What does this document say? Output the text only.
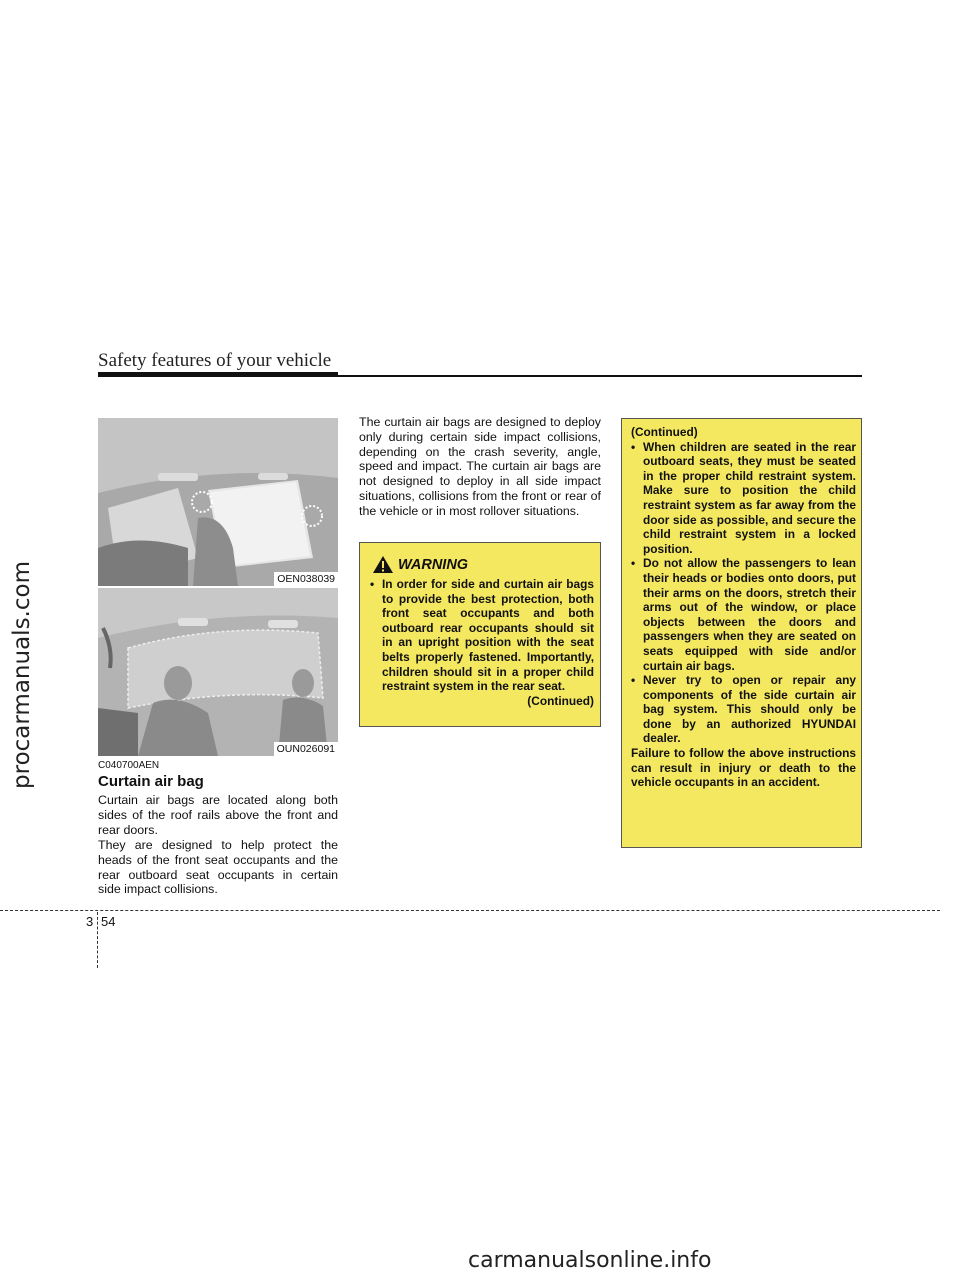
procarmanuals.com
Safety features of your vehicle
OEN038039
OUN026091
C040700AEN
Curtain air bag
Curtain air bags are located along both sides of the roof rails above the front and rear doors.
They are designed to help protect the heads of the front seat occupants and the rear outboard seat occupants in certain side impact collisions.
The curtain air bags are designed to deploy only during certain side impact collisions, depending on the crash severity, angle, speed and impact. The curtain air bags are not designed to deploy in all side impact situations, collisions from the front or rear of the vehicle or in most rollover situations.
WARNING
• In order for side and curtain air bags to provide the best protection, both front seat occupants and both outboard rear occupants should sit in an upright position with the seat belts properly fastened. Importantly, children should sit in a proper child restraint system in the rear seat.
(Continued)
(Continued)
• When children are seated in the rear outboard seats, they must be seated in the proper child restraint system. Make sure to position the child restraint system as far away from the door side as possible, and secure the child restraint system in a locked position.
• Do not allow the passengers to lean their heads or bodies onto doors, put their arms on the doors, stretch their arms out of the window, or place objects between the doors and passengers when they are seated on seats equipped with side and/or curtain air bags.
• Never try to open or repair any components of the side curtain air bag system. This should only be done by an authorized HYUNDAI dealer.
Failure to follow the above instructions can result in injury or death to the vehicle occupants in an accident.
3 54
carmanualsonline.info
